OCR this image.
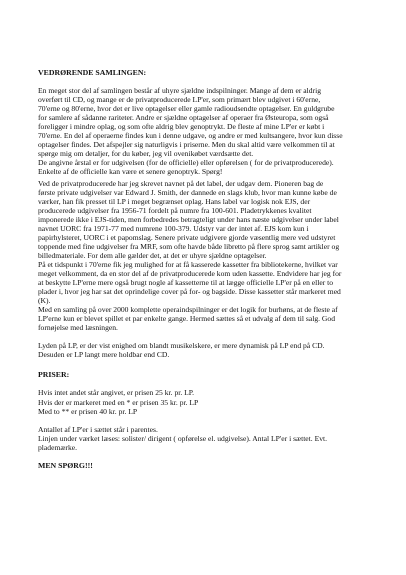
VEDRØRENDE SAMLINGEN:

En meget stor del af samlingen består af uhyre sjældne indspilninger. Mange af dem er aldrig
overført til CD, og mange er de privatproducerede LP'er, som primært blev udgivet i 60'erne,
70'erne og 80'erne, hvor det er live optagelser eller gamle radioudsendte optagelser. En guldgrube
for samlere af sådanne rariteter. Andre er sjældne optagelser af operaer fra Østeuropa, som også
foreligger i mindre oplag, og som ofte aldrig blev genoptrykt. De fleste af mine LP'er er købt i
70'erne. En del af operaerne findes kun i denne udgave, og andre er med kultsangere, hvor kun disse
optagelser findes. Det afspejler sig naturligvis i priserne. Men du skal altid være velkommen til at
spørge mig om detaljer, for du køber, jeg vil ovenikøbet værdsætte det.
De angivne årstal er for udgivelsen (for de officielle) eller opførelsen ( for de privatproducerede).
Enkelte af de officielle kan være et senere genoptryk. Spørg!

Ved de privatproducerede har jeg skrevet navnet på det label, der udgav dem. Pioneren bag de
første private udgivelser var Edward J. Smith, der dannede en slags klub, hvor man kunne købe de
værker, han fik presset til LP i meget begrænset oplag. Hans label var logisk nok EJS, der
producerede udgivelser fra 1956-71 fordelt på numre fra 100-601. Pladetrykkenes kvalitet
imponerede ikke i EJS-tiden, men forbedredes betragteligt under hans næste udgivelser under label
navnet UORC fra 1971-77 med numrene 100-379. Udstyr var der intet af. EJS kom kun i
papirhylsteret, UORC i et papomslag. Senere private udgivere gjorde væsentlig mere ved udstyret
toppende med fine udgivelser fra MRF, som ofte havde både libretto på flere sprog samt artikler og
billedmateriale. For dem alle gælder det, at det er uhyre sjældne optagelser.
På et tidspunkt i 70'erne fik jeg mulighed for at få kasserede kassetter fra bibliotekerne, hvilket var
meget velkomment, da en stor del af de privatproducerede kom uden kassette. Endvidere har jeg for
at beskytte LP'erne mere også brugt nogle af kassetterne til at lægge officielle LP'er på en eller to
plader i, hvor jeg har sat det oprindelige cover på for- og bagside. Disse kassetter står markeret med
(K).
Med en samling på over 2000 komplette operaindspilninger er det logik for burhøns, at de fleste af
LP'erne kun er blevet spillet et par enkelte gange. Hermed sættes så et udvalg af dem til salg. God
fornøjelse med læsningen.

Lyden på LP, er der vist enighed om blandt musikelskere, er mere dynamisk på LP end på CD.
Desuden er LP langt mere holdbar end CD.

PRISER:

Hvis intet andet står angivet, er prisen 25 kr. pr. LP.

Hvis der er markeret med en * er prisen 35 kr. pr. LP

Med to ** er prisen 40 kr. pr. LP

Antallet af LP'er i sættet står i parentes.
Linjen under værket læses: solister/ dirigent ( opførelse el. udgivelse). Antal LP'er i sættet. Evt.
plademærke.

MEN SPØRG!!!
